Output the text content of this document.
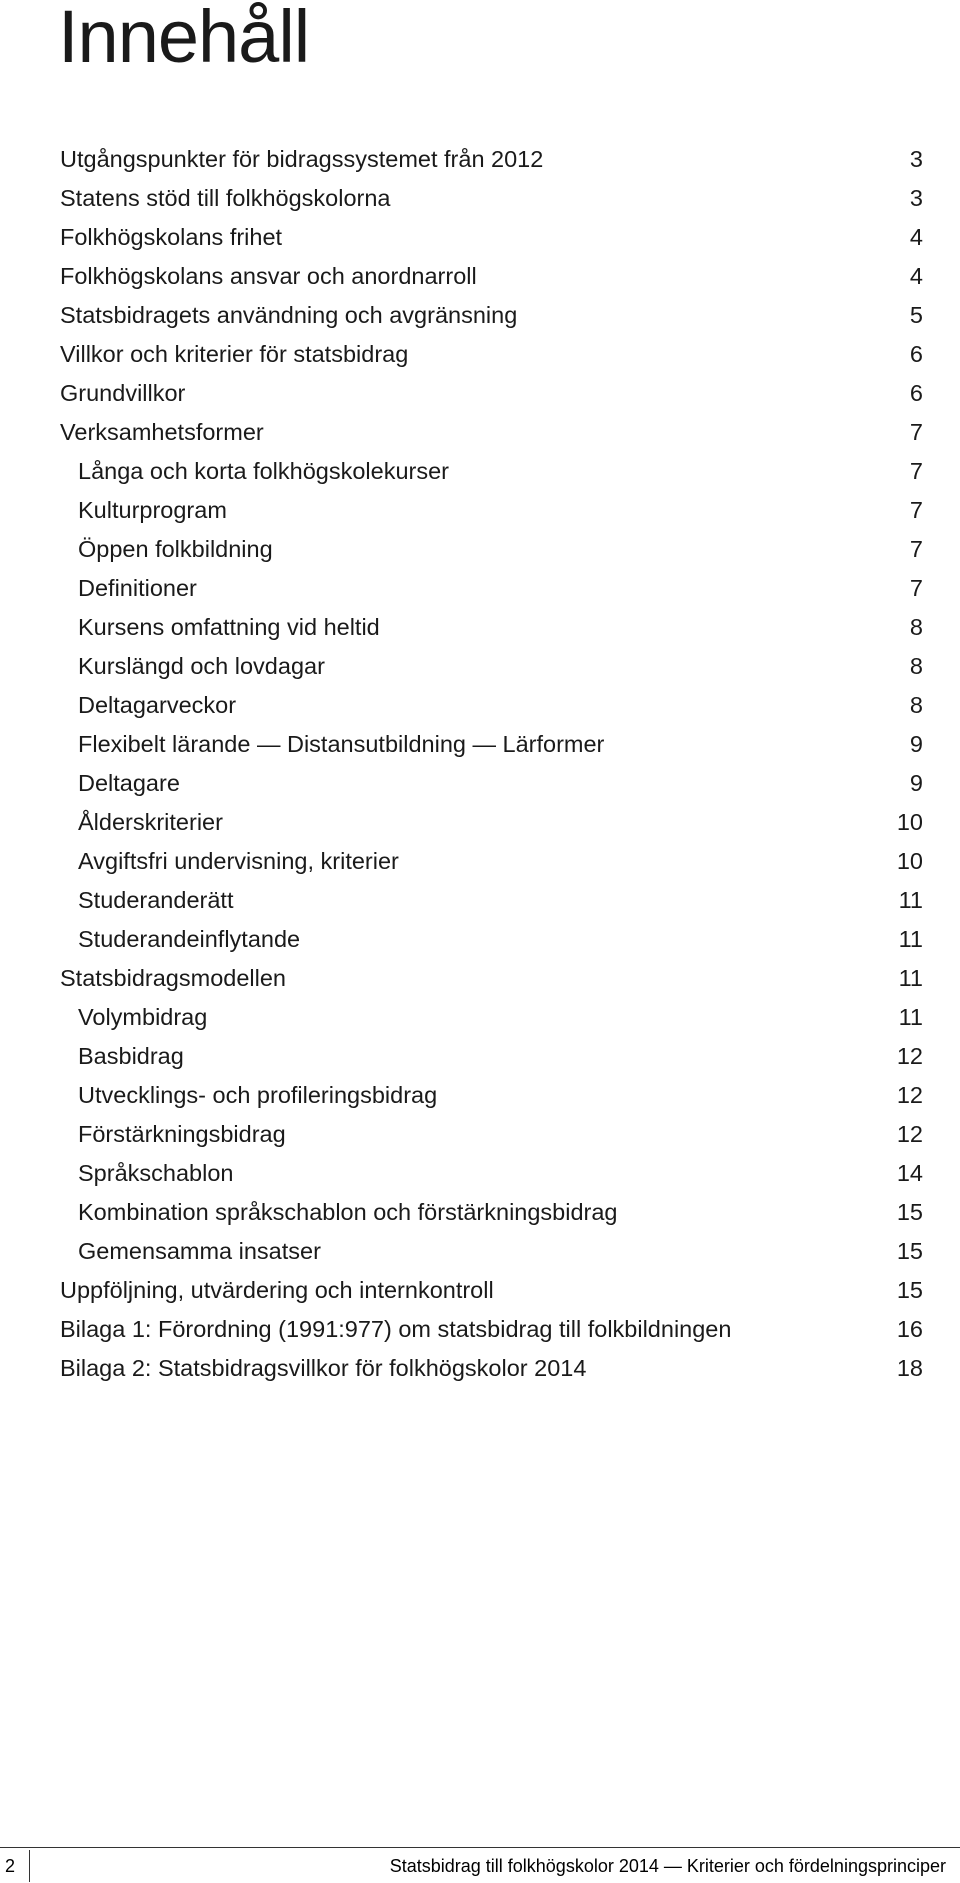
Innehåll
Utgångspunkter för bidragssystemet från 2012	3
Statens stöd till folkhögskolorna	3
Folkhögskolans frihet	4
Folkhögskolans ansvar och anordnarroll	4
Statsbidragets användning och avgränsning	5
Villkor och kriterier för statsbidrag	6
Grundvillkor	6
Verksamhetsformer	7
Långa och korta folkhögskolekurser	7
Kulturprogram	7
Öppen folkbildning	7
Definitioner	7
Kursens omfattning vid heltid	8
Kurslängd och lovdagar	8
Deltagarveckor	8
Flexibelt lärande — Distansutbildning — Lärformer	9
Deltagare	9
Ålderskriterier	10
Avgiftsfri undervisning, kriterier	10
Studeranderätt	11
Studerandeinflytande	11
Statsbidragsmodellen	11
Volymbidrag	11
Basbidrag	12
Utvecklings- och profileringsbidrag	12
Förstärkningsbidrag	12
Språkschablon	14
Kombination språkschablon och förstärkningsbidrag	15
Gemensamma insatser	15
Uppföljning, utvärdering och internkontroll	15
Bilaga 1: Förordning (1991:977) om statsbidrag till folkbildningen	16
Bilaga 2: Statsbidragsvillkor för folkhögskolor 2014	18
2	Statsbidrag till folkhögskolor 2014 — Kriterier och fördelningsprinciper
